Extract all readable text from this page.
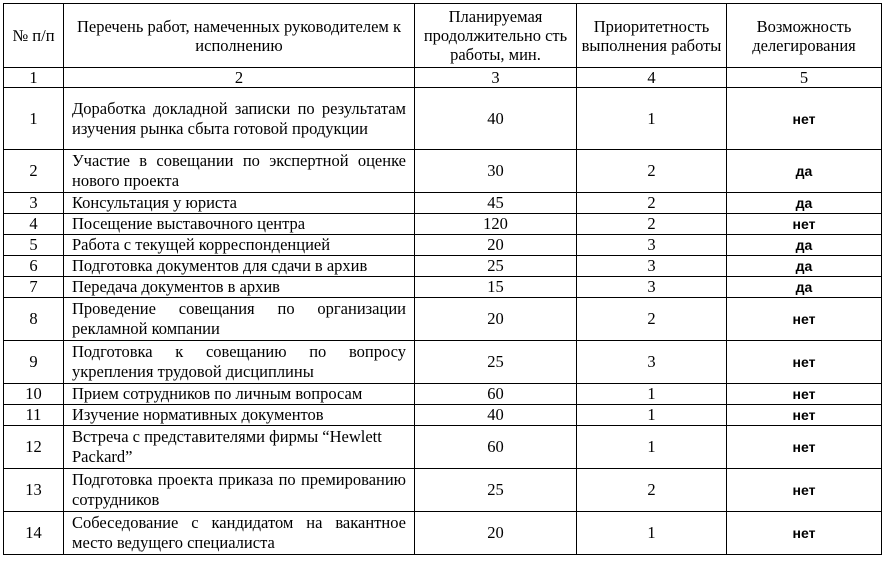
№ п/п	Перечень работ, намеченных руководителем к исполнению	Планируемая продолжительно сть работы, мин.	Приоритетность выполнения работы	Возможность делегирования
1	2	3	4	5
1	Доработка докладной записки по результатам изучения рынка сбыта готовой продукции	40	1	нет
2	Участие в совещании по экспертной оценке нового проекта	30	2	да
3	Консультация у юриста	45	2	да
4	Посещение выставочного центра	120	2	нет
5	Работа с текущей корреспонденцией	20	3	да
6	Подготовка документов для сдачи в архив	25	3	да
7	Передача документов в архив	15	3	да
8	Проведение совещания по организации рекламной компании	20	2	нет
9	Подготовка к совещанию по вопросу укрепления трудовой дисциплины	25	3	нет
10	Прием сотрудников по личным вопросам	60	1	нет
11	Изучение нормативных документов	40	1	нет
12	Встреча с представителями фирмы “Hewlett Packard”	60	1	нет
13	Подготовка проекта приказа по премированию сотрудников	25	2	нет
14	Собеседование с кандидатом на вакантное место ведущего специалиста	20	1	нет
